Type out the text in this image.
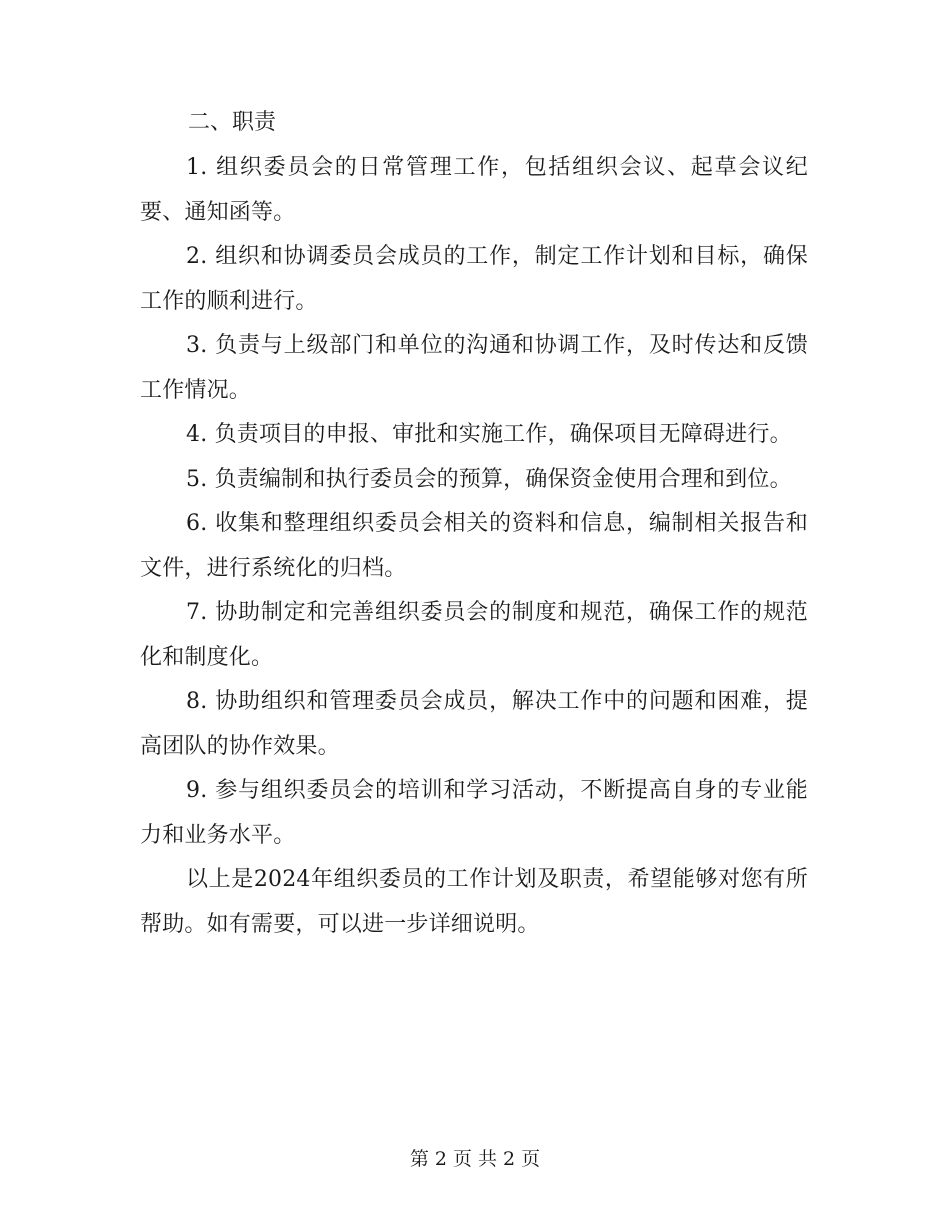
二、职责

1. 组织委员会的日常管理工作，包括组织会议、起草会议纪要、通知函等。

2. 组织和协调委员会成员的工作，制定工作计划和目标，确保工作的顺利进行。

3. 负责与上级部门和单位的沟通和协调工作，及时传达和反馈工作情况。

4. 负责项目的申报、审批和实施工作，确保项目无障碍进行。

5. 负责编制和执行委员会的预算，确保资金使用合理和到位。

6. 收集和整理组织委员会相关的资料和信息，编制相关报告和文件，进行系统化的归档。

7. 协助制定和完善组织委员会的制度和规范，确保工作的规范化和制度化。

8. 协助组织和管理委员会成员，解决工作中的问题和困难，提高团队的协作效果。

9. 参与组织委员会的培训和学习活动，不断提高自身的专业能力和业务水平。

以上是2024年组织委员的工作计划及职责，希望能够对您有所帮助。如有需要，可以进一步详细说明。

第 2 页 共 2 页
